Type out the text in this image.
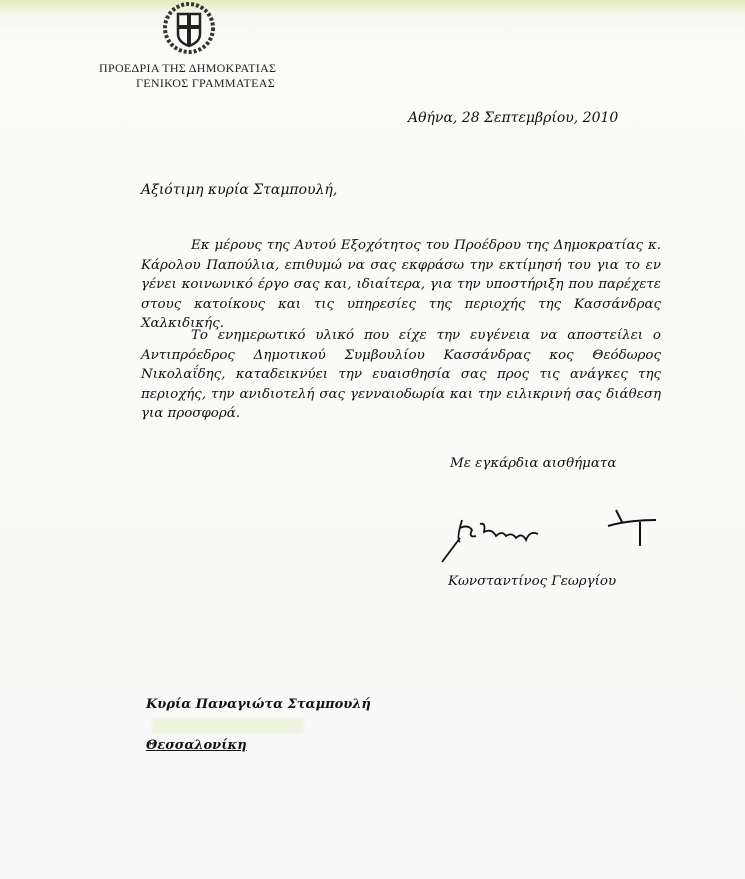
ΠΡΟΕΔΡΙΑ ΤΗΣ ΔΗΜΟΚΡΑΤΙΑΣ
ΓΕΝΙΚΟΣ ΓΡΑΜΜΑΤΕΑΣ
Αθήνα, 28 Σεπτεμβρίου, 2010
Αξιότιμη κυρία Σταμπουλή,

Εκ μέρους της Αυτού Εξοχότητος του Προέδρου της Δημοκρατίας κ. Κάρολου Παπούλια, επιθυμώ να σας εκφράσω την εκτίμησή του για το εν γένει κοινωνικό έργο σας και, ιδιαίτερα, για την υποστήριξη που παρέχετε στους κατοίκους και τις υπηρεσίες της περιοχής της Κασσάνδρας Χαλκιδικής.

Το ενημερωτικό υλικό που είχε την ευγένεια να αποστείλει ο Αντιπρόεδρος Δημοτικού Συμβουλίου Κασσάνδρας κος Θεόδωρος Νικολαΐδης, καταδεικνύει την ευαισθησία σας προς τις ανάγκες της περιοχής, την ανιδιοτελή σας γενναιοδωρία και την ειλικρινή σας διάθεση για προσφορά.

Με εγκάρδια αισθήματα
Κωνσταντίνος Γεωργίου
Κυρία Παναγιώτα Σταμπουλή
Θεσσαλονίκη
